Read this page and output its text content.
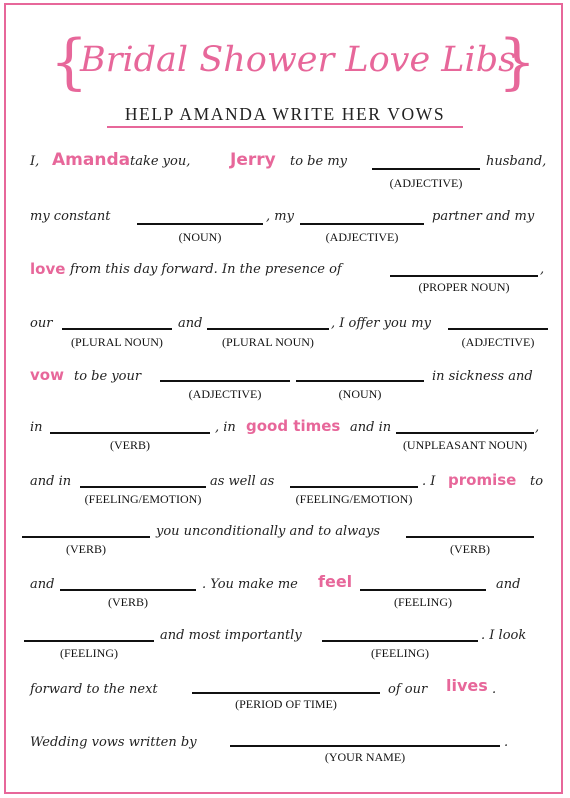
{
Bridal Shower Love Libs
}
HELP AMANDA WRITE HER VOWS
I, Amanda take you, Jerry to be my
(ADJECTIVE)
husband,
my constant
(NOUN)
, my
(ADJECTIVE)
partner and my
love from this day forward. In the presence of
(PROPER NOUN)
,
our
(PLURAL NOUN)
and
(PLURAL NOUN)
, I offer you my
(ADJECTIVE)
vow to be your
(ADJECTIVE)	(NOUN)
in sickness and
in
(VERB)
, in good times and in
(UNPLEASANT NOUN)
,
and in
(FEELING/EMOTION)
as well as
(FEELING/EMOTION)
. I promise to
(VERB)
you unconditionally and to always
(VERB)
and
(VERB)
. You make me feel
(FEELING)
and
(FEELING)
and most importantly
(FEELING)
. I look
forward to the next
(PERIOD OF TIME)
of our lives .
Wedding vows written by
(YOUR NAME)
.
